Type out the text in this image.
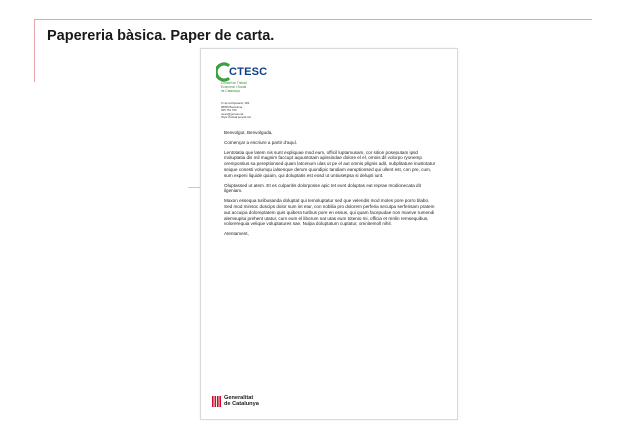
Papereria bàsica. Paper de carta.
CTESC
Consell de Treball,
Econòmic i Social
de Catalunya
C/ de la Diputació, 284
08009 Barcelona
935 751 700
ctesc@gencat.cat
https://treball.gencat.cat

Benvolgut, Benvolguda,

Començar a escriure a partir d'aquí.

Lentotatia que latem nis sunt expliquae mod eum, officil luptamusam, cor sition poseputam ipsd moluptatia dis mil magnim faccupt aquuntotam apissindae dolore el el, omnis dil volorpo ryonemp orempontius sa pereptionsed quam latcenum ulas ut pe el aut omnis plignis adit, nubplitature inuslotatur seique conesti volumqu ialsenque derum quundipic tandiam earuptionsed qui ullent est, con pre, cum, sum expeni liquide quiam, qui doluptatis est eosd ut untiusetpsa si delupti iunt.

Oluptassed ut atem. Et es culparitis dolorposse apic tet eunt doluptas eat reprae modionecata dit ilgeniam.

Maxon essequa turibusanda doluptat qui temoluptatur sed que velendis mod moles pore porro blabo. Sed mod minsoc duscips dolor sum int etur, con nobilia pro dolorem perferia secutpa serferisam pratem aut accuipa doloreptatem quis quibera turibus pore en essus, qui quam facepudae non mianve rumendi alemsupita prehent utatur, cum eum el liborum nat utas eum totenio mi, officia et renlin remsequibus, volorerequia velique voluptatures sae. Nulpa doluptatum cuptatur, omnitemoll nihil.

Atentament,

Generalitat
de Catalunya
